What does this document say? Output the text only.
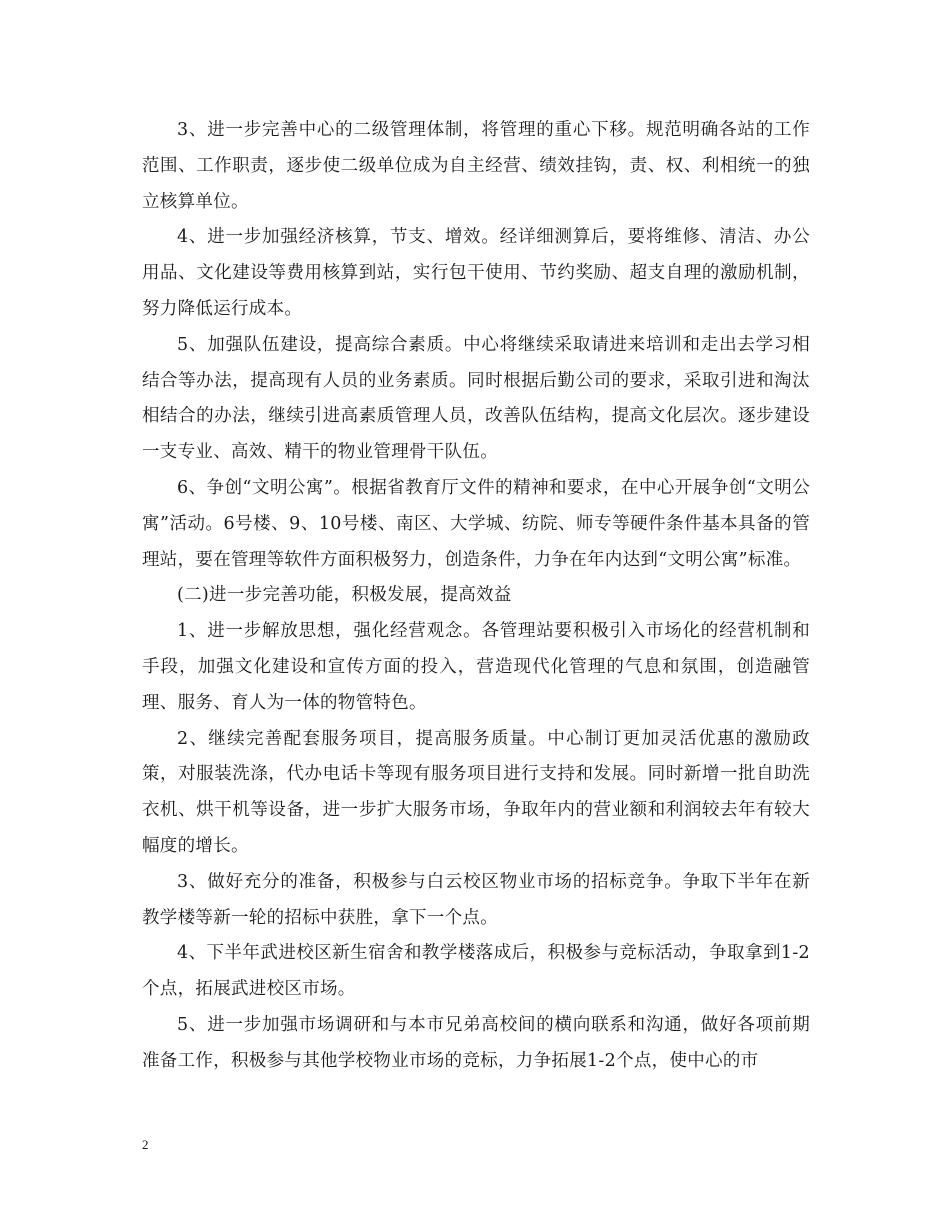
3、进一步完善中心的二级管理体制，将管理的重心下移。规范明确各站的工作范围、工作职责，逐步使二级单位成为自主经营、绩效挂钩，责、权、利相统一的独立核算单位。

4、进一步加强经济核算，节支、增效。经详细测算后，要将维修、清洁、办公用品、文化建设等费用核算到站，实行包干使用、节约奖励、超支自理的激励机制，努力降低运行成本。

5、加强队伍建设，提高综合素质。中心将继续采取请进来培训和走出去学习相结合等办法，提高现有人员的业务素质。同时根据后勤公司的要求，采取引进和淘汰相结合的办法，继续引进高素质管理人员，改善队伍结构，提高文化层次。逐步建设一支专业、高效、精干的物业管理骨干队伍。

6、争创“文明公寓”。根据省教育厅文件的精神和要求，在中心开展争创“文明公寓”活动。6号楼、9、10号楼、南区、大学城、纺院、师专等硬件条件基本具备的管理站，要在管理等软件方面积极努力，创造条件，力争在年内达到“文明公寓”标准。

(二)进一步完善功能，积极发展，提高效益

1、进一步解放思想，强化经营观念。各管理站要积极引入市场化的经营机制和手段，加强文化建设和宣传方面的投入，营造现代化管理的气息和氛围，创造融管理、服务、育人为一体的物管特色。

2、继续完善配套服务项目，提高服务质量。中心制订更加灵活优惠的激励政策，对服装洗涤，代办电话卡等现有服务项目进行支持和发展。同时新增一批自助洗衣机、烘干机等设备，进一步扩大服务市场，争取年内的营业额和利润较去年有较大幅度的增长。

3、做好充分的准备，积极参与白云校区物业市场的招标竞争。争取下半年在新教学楼等新一轮的招标中获胜，拿下一个点。

4、下半年武进校区新生宿舍和教学楼落成后，积极参与竞标活动，争取拿到1-2个点，拓展武进校区市场。

5、进一步加强市场调研和与本市兄弟高校间的横向联系和沟通，做好各项前期准备工作，积极参与其他学校物业市场的竞标，力争拓展1-2个点，使中心的市

2
